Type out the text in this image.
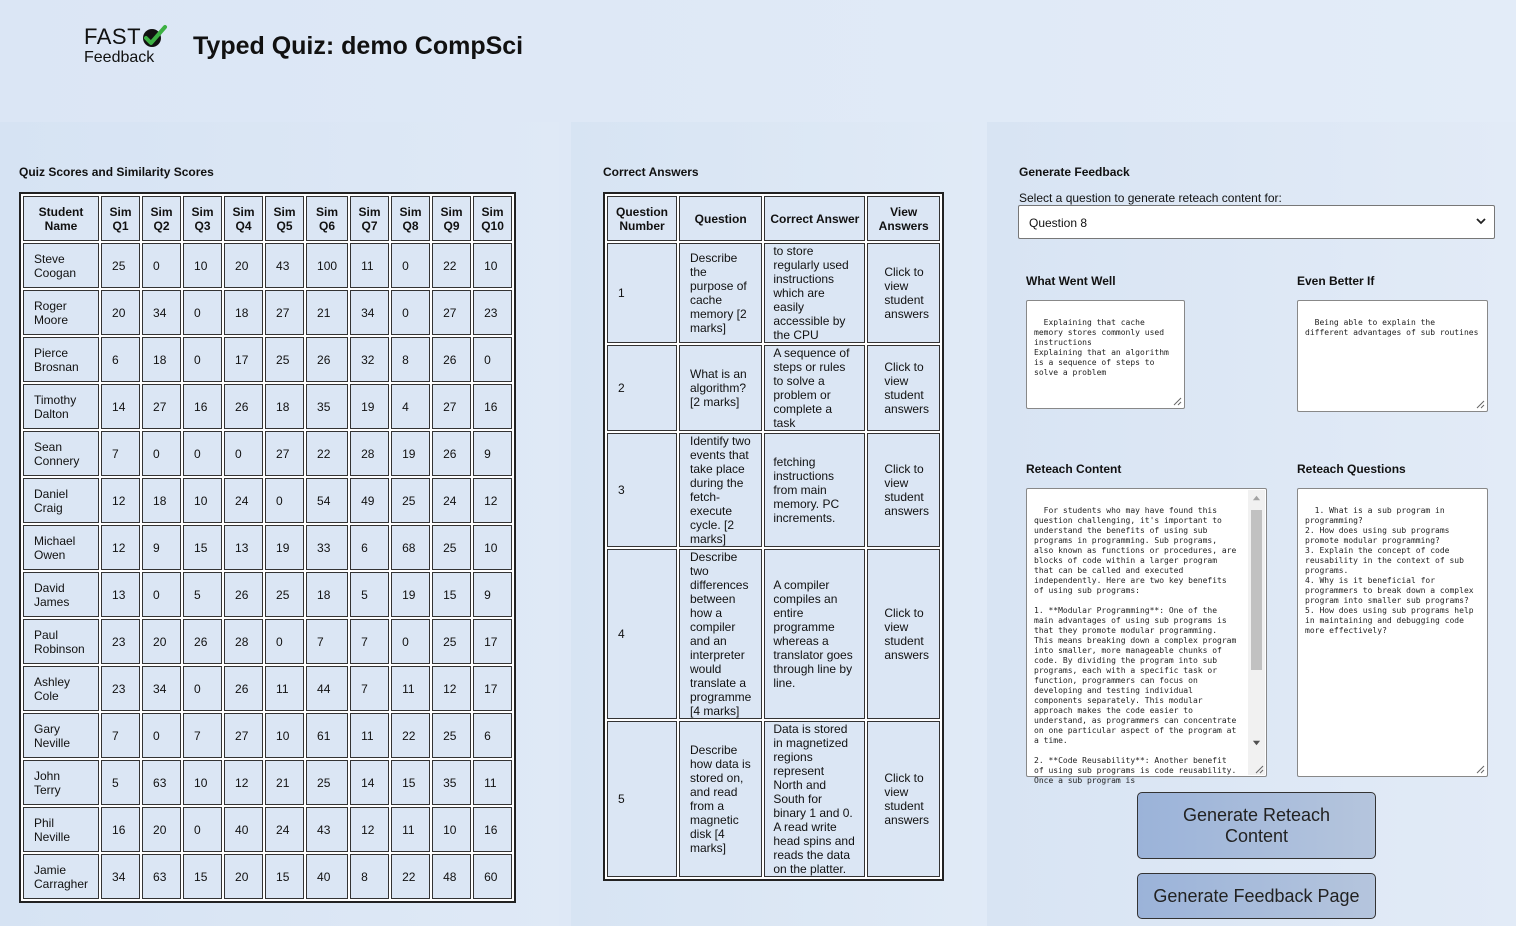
FAST
Feedback Typed Quiz: demo CompSci
Quiz Scores and Similarity Scores
Student Name	Sim Q1	Sim Q2	Sim Q3	Sim Q4	Sim Q5	Sim Q6	Sim Q7	Sim Q8	Sim Q9	Sim Q10
Steve Coogan	25	0	10	20	43	100	11	0	22	10
Roger Moore	20	34	0	18	27	21	34	0	27	23
Pierce Brosnan	6	18	0	17	25	26	32	8	26	0
Timothy Dalton	14	27	16	26	18	35	19	4	27	16
Sean Connery	7	0	0	0	27	22	28	19	26	9
Daniel Craig	12	18	10	24	0	54	49	25	24	12
Michael Owen	12	9	15	13	19	33	6	68	25	10
David James	13	0	5	26	25	18	5	19	15	9
Paul Robinson	23	20	26	28	0	7	7	0	25	17
Ashley Cole	23	34	0	26	11	44	7	11	12	17
Gary Neville	7	0	7	27	10	61	11	22	25	6
John Terry	5	63	10	12	21	25	14	15	35	11
Phil Neville	16	20	0	40	24	43	12	11	10	16
Jamie Carragher	34	63	15	20	15	40	8	22	48	60
Correct Answers
Question Number	Question	Correct Answer	View Answers
1	Describe the purpose of cache memory [2 marks]	to store regularly used instructions which are easily accessible by the CPU	Click to view student answers
2	What is an algorithm? [2 marks]	A sequence of steps or rules to solve a problem or complete a task	Click to view student answers
3	Identify two events that take place during the fetch-execute cycle. [2 marks]	fetching instructions from main memory. PC increments.	Click to view student answers
4	Describe two differences between how a compiler and an interpreter would translate a programme [4 marks]	A compiler compiles an entire programme whereas a translator goes through line by line.	Click to view student answers
5	Describe how data is stored on, and read from a magnetic disk [4 marks]	Data is stored in magnetized regions represent North and South for binary 1 and 0. A read write head spins and reads the data on the platter.	Click to view student answers
Generate Feedback
Select a question to generate reteach content for:
Question 8
What Went Well

Explaining that cache memory stores commonly used instructions
Explaining that an algorithm is a sequence of steps to solve a problem

Even Better If

Being able to explain the different advantages of sub routines

Reteach Content

For students who may have found this question challenging, it's important to understand the benefits of using sub programs in programming. Sub programs, also known as functions or procedures, are blocks of code within a larger program that can be called and executed independently. Here are two key benefits of using sub programs:

1. **Modular Programming**: One of the main advantages of using sub programs is that they promote modular programming. This means breaking down a complex program into smaller, more manageable chunks of code. By dividing the program into sub programs, each with a specific task or function, programmers can focus on developing and testing individual components separately. This modular approach makes the code easier to understand, as programmers can concentrate on one particular aspect of the program at a time.

2. **Code Reusability**: Another benefit of using sub programs is code reusability. Once a sub program is

Reteach Questions

1. What is a sub program in programming?
2. How does using sub programs promote modular programming?
3. Explain the concept of code reusability in the context of sub programs.
4. Why is it beneficial for programmers to break down a complex program into smaller sub programs?
5. How does using sub programs help in maintaining and debugging code more effectively?

Generate Reteach Content
Generate Feedback Page
